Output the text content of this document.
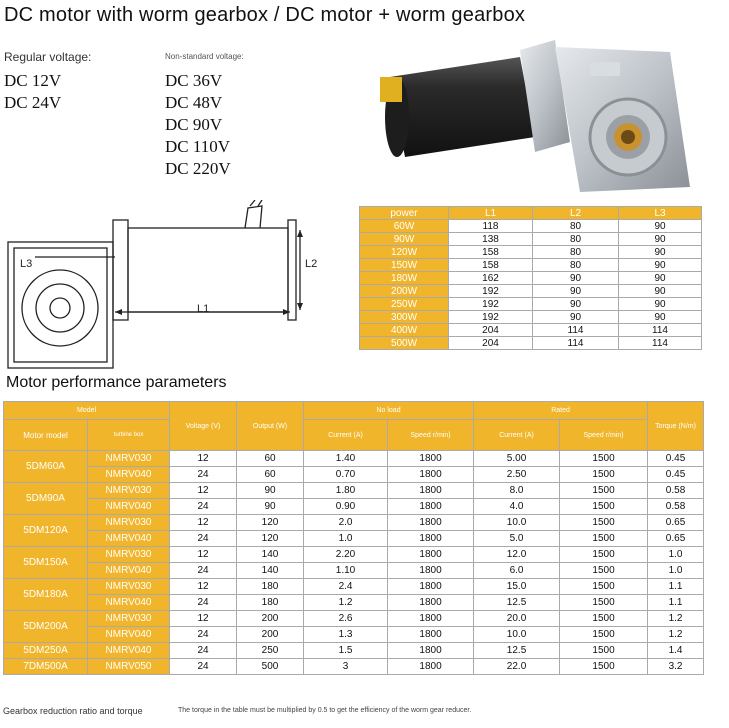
DC motor with worm gearbox / DC motor + worm gearbox
Regular voltage:
DC 12V
DC 24V
Non-standard voltage:
DC 36V
DC 48V
DC 90V
DC 110V
DC 220V
L3	L2
L1
power	L1	L2	L3
60W	118	80	90
90W	138	80	90
120W	158	80	90
150W	158	80	90
180W	162	90	90
200W	192	90	90
250W	192	90	90
300W	192	90	90
400W	204	114	114
500W	204	114	114
Motor performance parameters
Model		Voltage (V)	Output (W)	No load		Rated		Torque (N/m)
Motor model	turbine box			Current (A)	Speed r/min)	Current (A)	Speed r/min)	
5DM60A	NMRV030	12	60	1.40	1800	5.00	1500	0.45
	NMRV040	24	60	0.70	1800	2.50	1500	0.45
5DM90A	NMRV030	12	90	1.80	1800	8.0	1500	0.58
	NMRV040	24	90	0.90	1800	4.0	1500	0.58
5DM120A	NMRV030	12	120	2.0	1800	10.0	1500	0.65
	NMRV040	24	120	1.0	1800	5.0	1500	0.65
5DM150A	NMRV030	12	140	2.20	1800	12.0	1500	1.0
	NMRV040	24	140	1.10	1800	6.0	1500	1.0
5DM180A	NMRV030	12	180	2.4	1800	15.0	1500	1.1
	NMRV040	24	180	1.2	1800	12.5	1500	1.1
5DM200A	NMRV030	12	200	2.6	1800	20.0	1500	1.2
	NMRV040	24	200	1.3	1800	10.0	1500	1.2
5DM250A	NMRV040	24	250	1.5	1800	12.5	1500	1.4
7DM500A	NMRV050	24	500	3	1800	22.0	1500	3.2
Gearbox reduction ratio and torque	The torque in the table must be multiplied by 0.5 to get the efficiency of the worm gear reducer.
